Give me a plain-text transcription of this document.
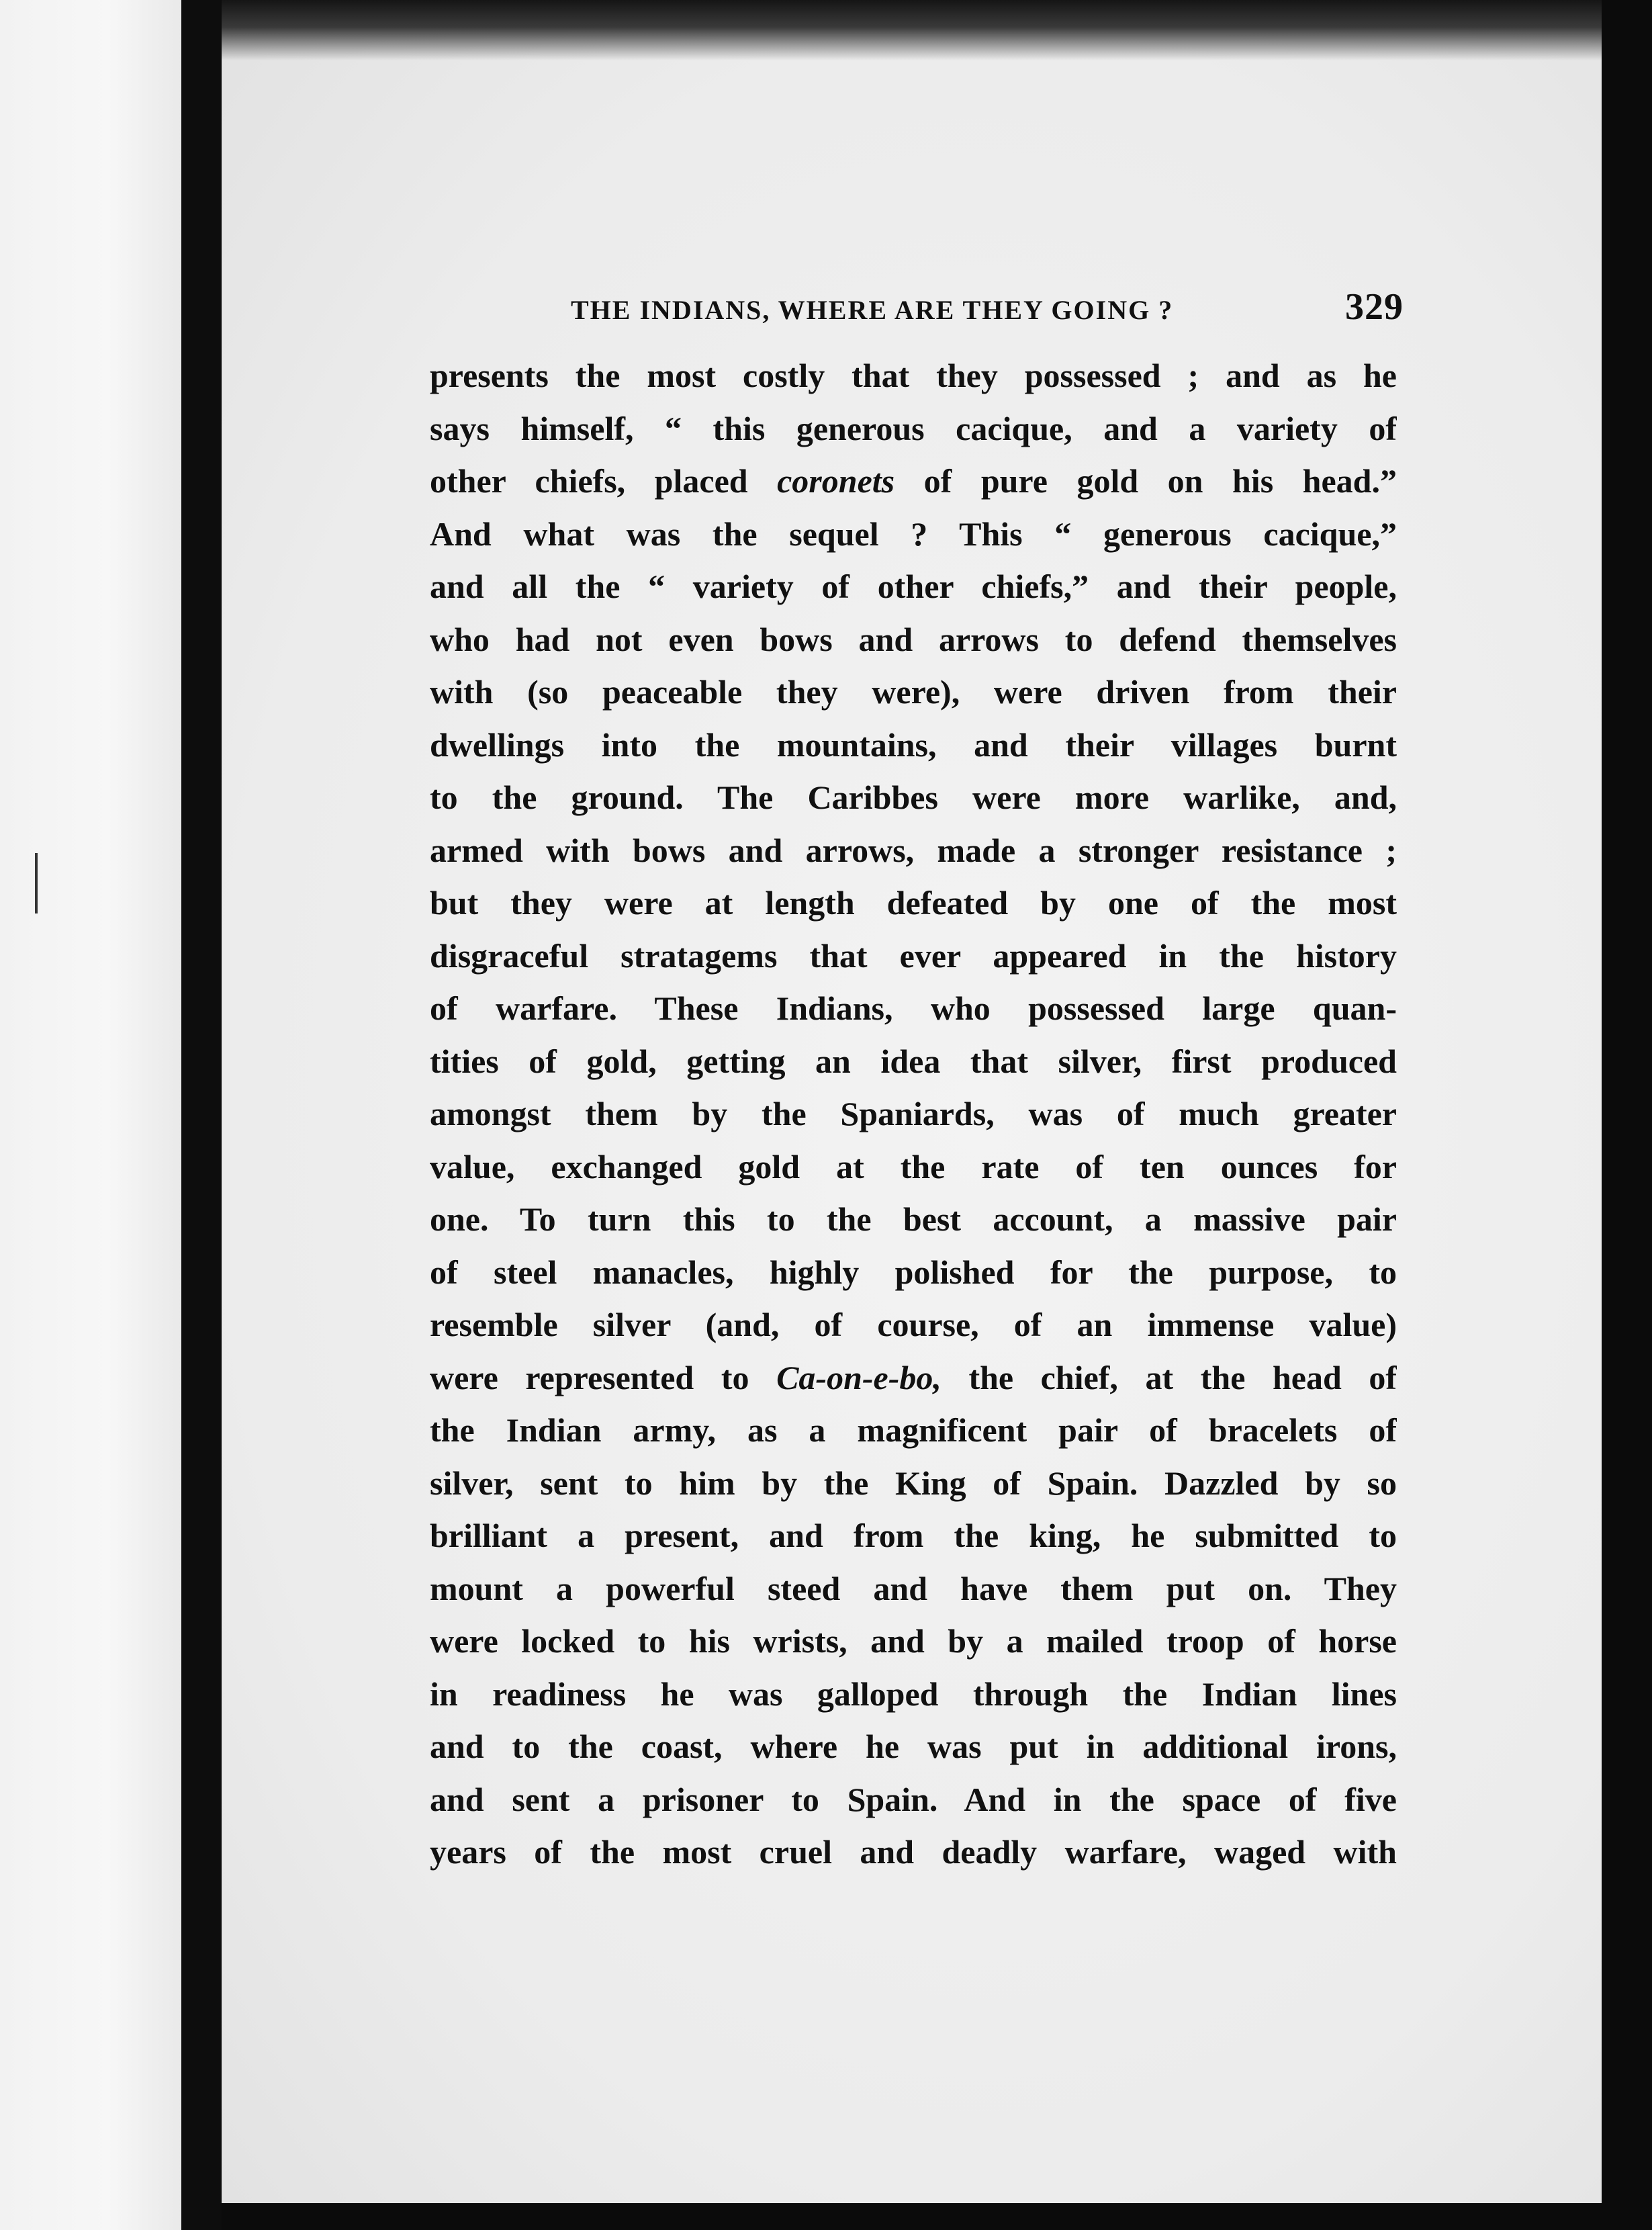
THE INDIANS, WHERE ARE THEY GOING ?	329
presents the most costly that they possessed ; and as he
says himself, “ this generous cacique, and a variety of
other chiefs, placed coronets of pure gold on his head.”
And what was the sequel ? This “ generous cacique,”
and all the “ variety of other chiefs,” and their people,
who had not even bows and arrows to defend themselves
with (so peaceable they were), were driven from their
dwellings into the mountains, and their villages burnt
to the ground. The Caribbes were more warlike, and,
armed with bows and arrows, made a stronger resistance ;
but they were at length defeated by one of the most
disgraceful stratagems that ever appeared in the history
of warfare. These Indians, who possessed large quan-
tities of gold, getting an idea that silver, first produced
amongst them by the Spaniards, was of much greater
value, exchanged gold at the rate of ten ounces for
one. To turn this to the best account, a massive pair
of steel manacles, highly polished for the purpose, to
resemble silver (and, of course, of an immense value)
were represented to Ca-on-e-bo, the chief, at the head of
the Indian army, as a magnificent pair of bracelets of
silver, sent to him by the King of Spain. Dazzled by so
brilliant a present, and from the king, he submitted to
mount a powerful steed and have them put on. They
were locked to his wrists, and by a mailed troop of horse
in readiness he was galloped through the Indian lines
and to the coast, where he was put in additional irons,
and sent a prisoner to Spain. And in the space of five
years of the most cruel and deadly warfare, waged with
